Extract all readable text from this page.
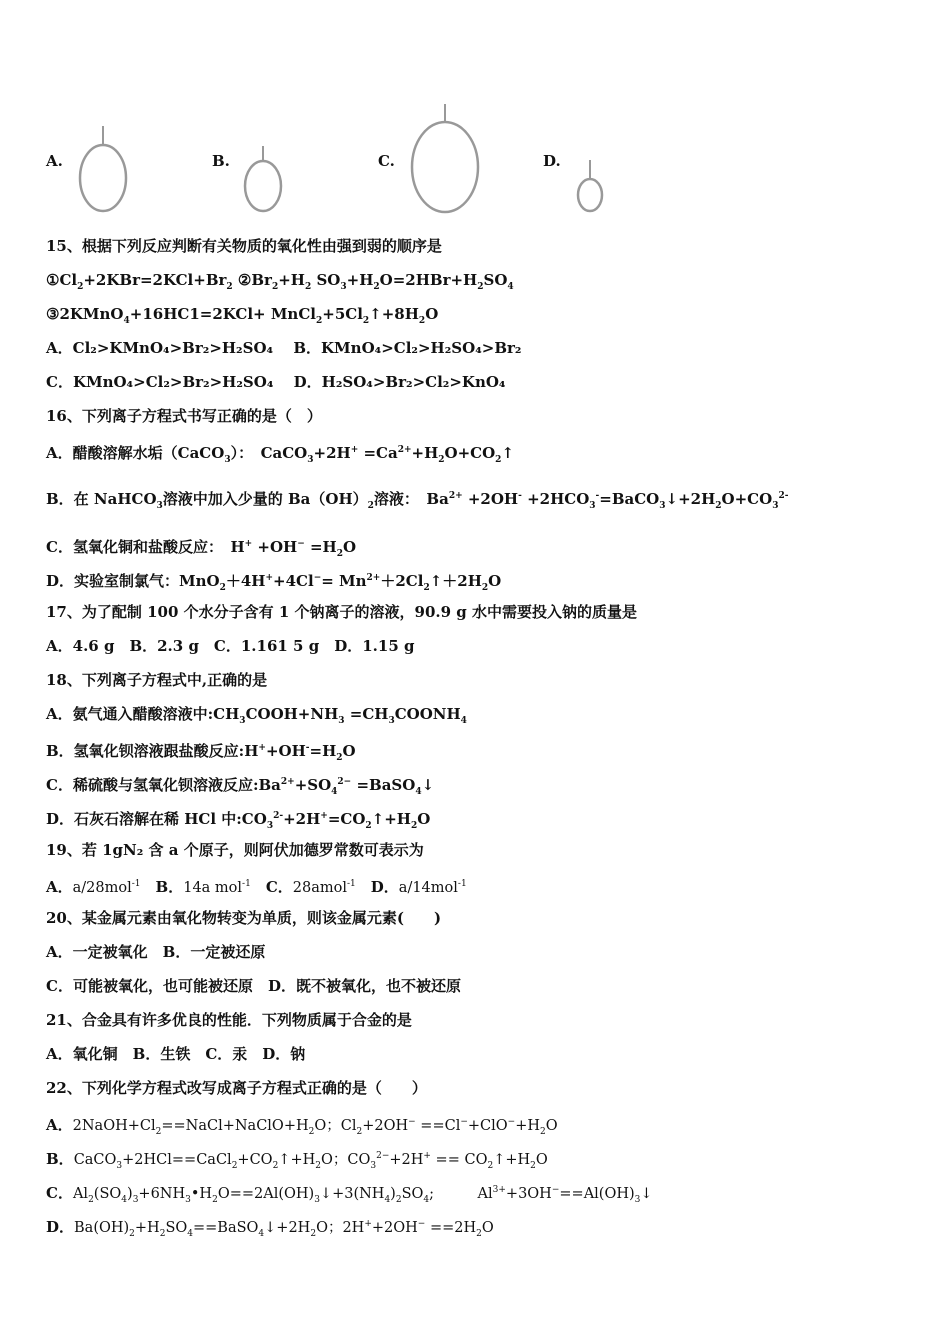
A.	B.	C.	D.
15、根据下列反应判断有关物质的氧化性由强到弱的顺序是
$①Cl_2+2KBr=2KCl+Br_2$ $②Br_2+H_2$ $SO_3+H_2O=2HBr+H_2SO_4$
③2KMnO$_4$+16HC1=2KCl+ $MnCl_2+5Cl_2↑+8H_2O$
A．Cl₂>KMnO₄>Br₂>H₂SO₄　 B．KMnO₄>Cl₂>H₂SO₄>Br₂
C．KMnO₄>Cl₂>Br₂>H₂SO₄　 D．H₂SO₄>Br₂>Cl₂>KnO₄
16、下列离子方程式书写正确的是（　）
A．醋酸溶解水垢（CaCO$_3$）：　CaCO$_3$+2H+ $=Ca^{2+}+H_2O+CO_2↑$
B．在 NaHCO$_3$溶液中加入少量的 $Ba(OH)_2$溶液：　$Ba^{2+} +2OH^-$ $+2HCO_3^-=BaCO_3↓+2H_2O+CO_3^{2-}$
C．氢氧化铜和盐酸反应：　$H^+ +OH^- =H_2O$
D．实验室制氯气：$MnO_2+4H^++4Cl^-= Mn^{2+}+2Cl_2↑+2H_2O$
17、为了配制 100 个水分子含有 1 个钠离子的溶液，90.9 g 水中需要投入钠的质量是
A．4.6 g　B．2.3 g　C．1.161 5 g　D．1.15 g
18、下列离子方程式中,正确的是
A．氨气通入醋酸溶液中$:CH_3COOH+NH_3$ $=CH_3COONH_4$
B．氢氧化钡溶液跟盐酸反应$:H^++OH^-=H_2O$
C．稀硫酸与氢氧化钡溶液反应$:Ba^{2+}+SO_4^{2-}$ =BaSO$_4$↓
D．石灰石溶解在稀 HCl 中$:CO_3^{2-}+2H^+=CO_2↑+H_2O$
19、若 1gN₂ 含 a 个原子，则阿伏加德罗常数可表示为
A．a/28mol$^{-1}$　B．14a mol$^{-1}$　C．28amol$^{-1}$　D．a/14mol$^{-1}$
20、某金属元素由氧化物转变为单质，则该金属元素(　　)
A．一定被氧化　B．一定被还原
C．可能被氧化，也可能被还原　D．既不被氧化，也不被还原
21、合金具有许多优良的性能．下列物质属于合金的是
A．氧化铜　B．生铁　C．汞　D．钠
22、下列化学方程式改写成离子方程式正确的是（　　）
A．$2NaOH+Cl_2==NaCl+NaClO+H_2O$；$Cl_2+2OH^- ==Cl^-+ClO^-+H_2O$
B．$CaCO_3+2HCl==CaCl_2+CO_2↑+H_2O$；$CO_3^{2-}+2H^+$ == $CO_2↑+H_2O$
C．$Al_2(SO_4)_3+6NH_3•H_2O==2Al(OH)_3↓+3(NH_4)_2SO_4$;　　　$Al^{3+}+3OH^-==Al(OH)_3↓$
D．$Ba(OH)_2+H_2SO_4==BaSO_4↓+2H_2O$；$2H^++2OH^- ==2H_2O$
